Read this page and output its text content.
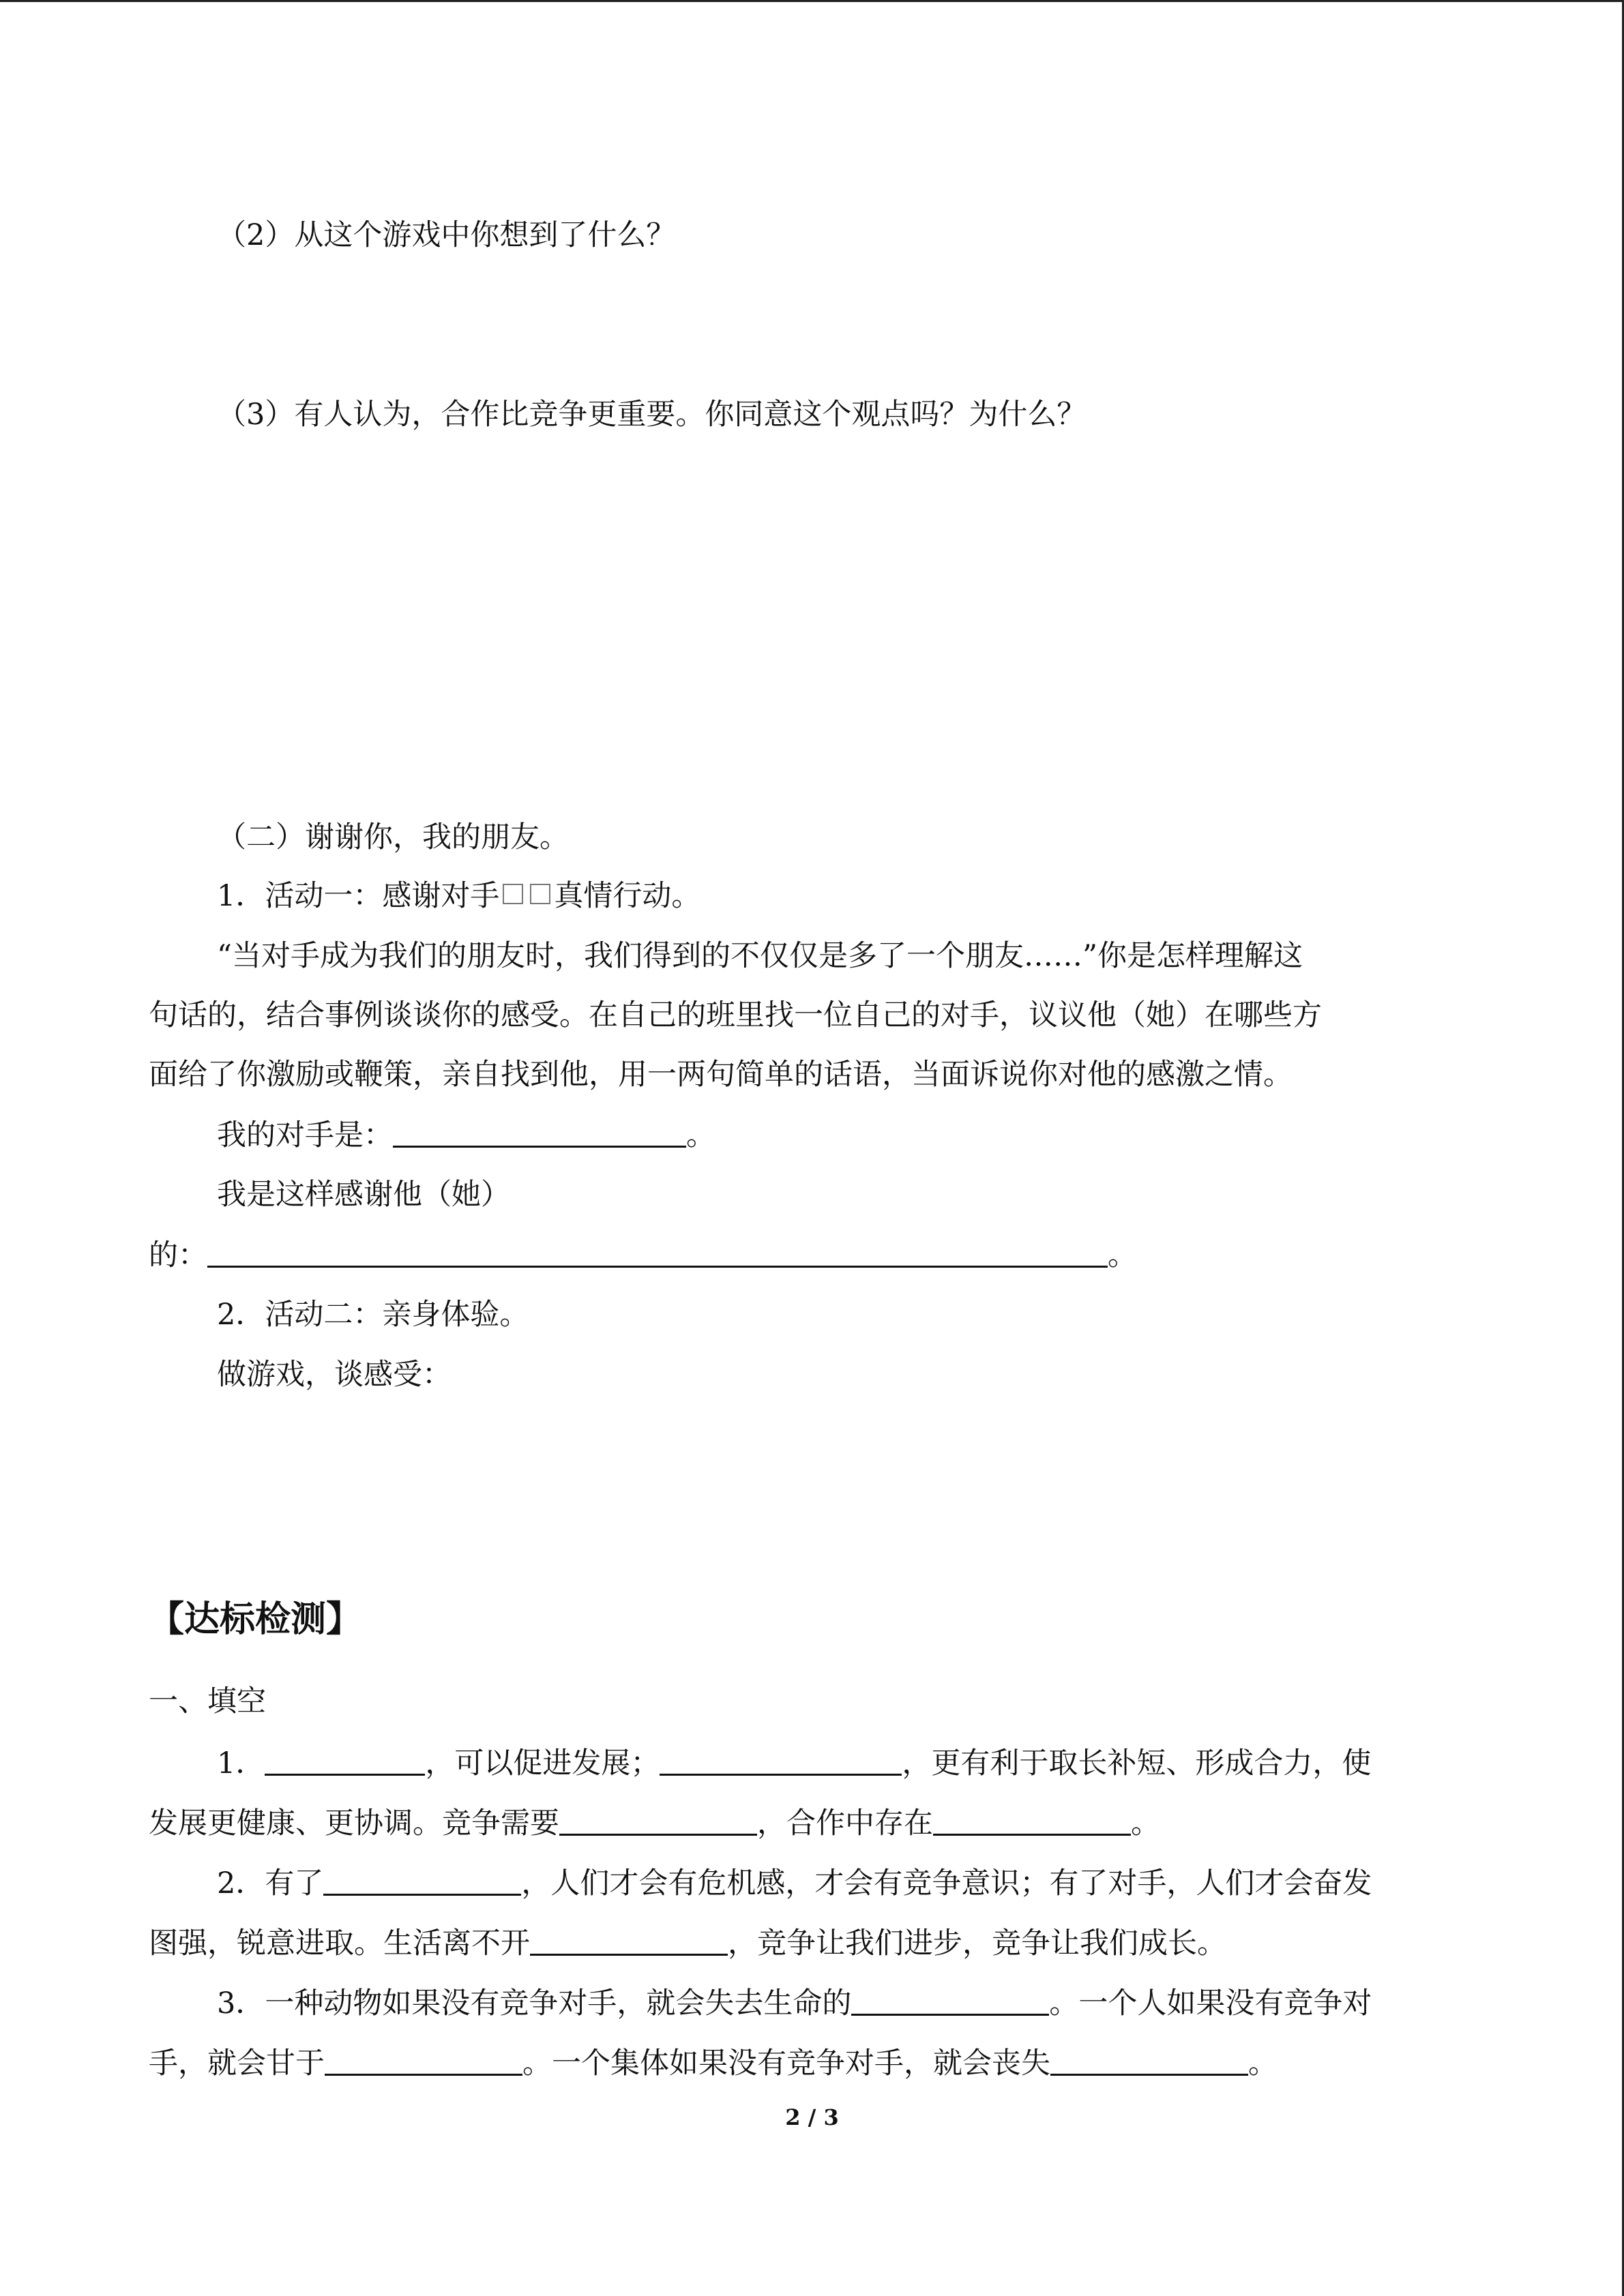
（2）从这个游戏中你想到了什么？
（3）有人认为，合作比竞争更重要。你同意这个观点吗？为什么？
（二）谢谢你，我的朋友。
1．活动一：感谢对手 真情行动。
“当对手成为我们的朋友时，我们得到的不仅仅是多了一个朋友……”你是怎样理解这
句话的，结合事例谈谈你的感受。在自己的班里找一位自己的对手，议议他（她）在哪些方
面给了你激励或鞭策，亲自找到他，用一两句简单的话语，当面诉说你对他的感激之情。
我的对手是：	。
我是这样感谢他（她）
的：	。
2．活动二：亲身体验。
做游戏，谈感受：
【达标检测】
一、填空
1．	，可以促进发展；	，更有利于取长补短、形成合力，使
发展更健康、更协调。竞争需要	，合作中存在	。
2．有了	，人们才会有危机感，才会有竞争意识；有了对手，人们才会奋发
图强，锐意进取。生活离不开	，竞争让我们进步，竞争让我们成长。
3．一种动物如果没有竞争对手，就会失去生命的	。一个人如果没有竞争对
手，就会甘于	。一个集体如果没有竞争对手，就会丧失	。
2 / 3
